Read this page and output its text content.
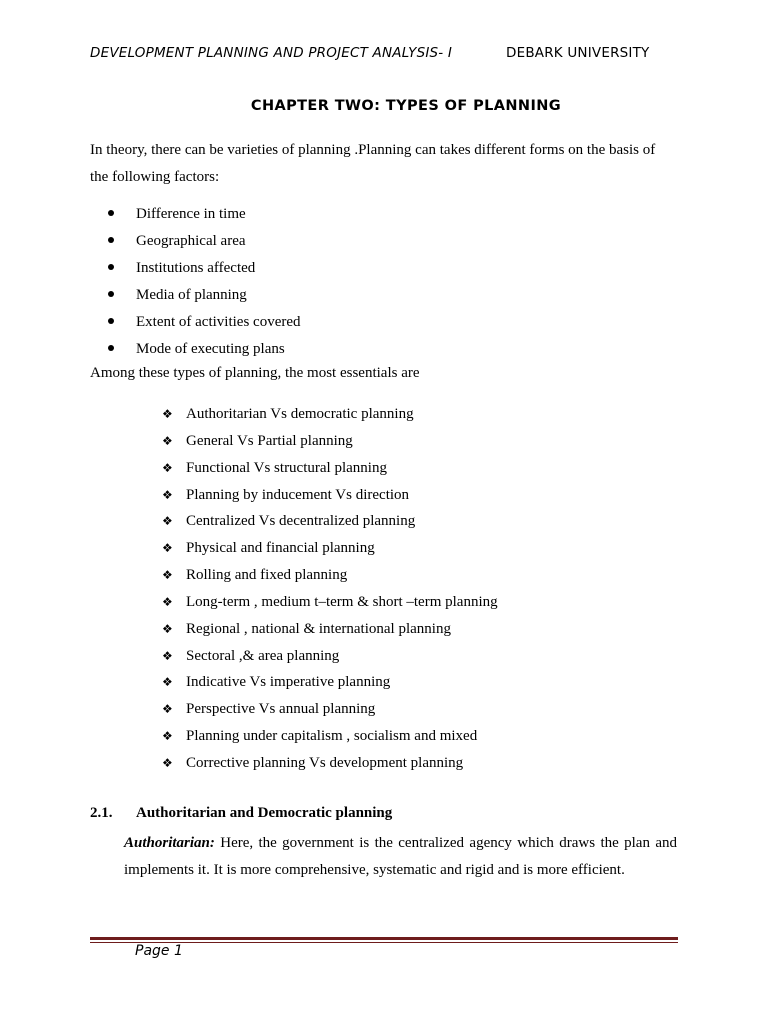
DEVELOPMENT PLANNING AND PROJECT ANALYSIS- I	DEBARK UNIVERSITY
CHAPTER TWO: TYPES OF PLANNING
In theory, there can be varieties of planning .Planning can takes different forms on the basis of the following factors:
Difference in time
Geographical area
Institutions affected
Media of planning
Extent of activities covered
Mode of executing plans
Among these types of planning, the most essentials are
❖ Authoritarian Vs democratic planning
❖ General Vs Partial planning
❖ Functional Vs structural planning
❖ Planning by inducement Vs direction
❖ Centralized Vs decentralized planning
❖ Physical and financial planning
❖ Rolling and fixed planning
❖ Long-term , medium t–term & short –term planning
❖ Regional , national & international planning
❖ Sectoral ,& area planning
❖ Indicative Vs imperative planning
❖ Perspective Vs annual planning
❖ Planning under capitalism , socialism and mixed
❖ Corrective planning Vs development planning
2.1. Authoritarian and Democratic planning
Authoritarian: Here, the government is the centralized agency which draws the plan and implements it. It is more comprehensive, systematic and rigid and is more efficient.
Page 1
